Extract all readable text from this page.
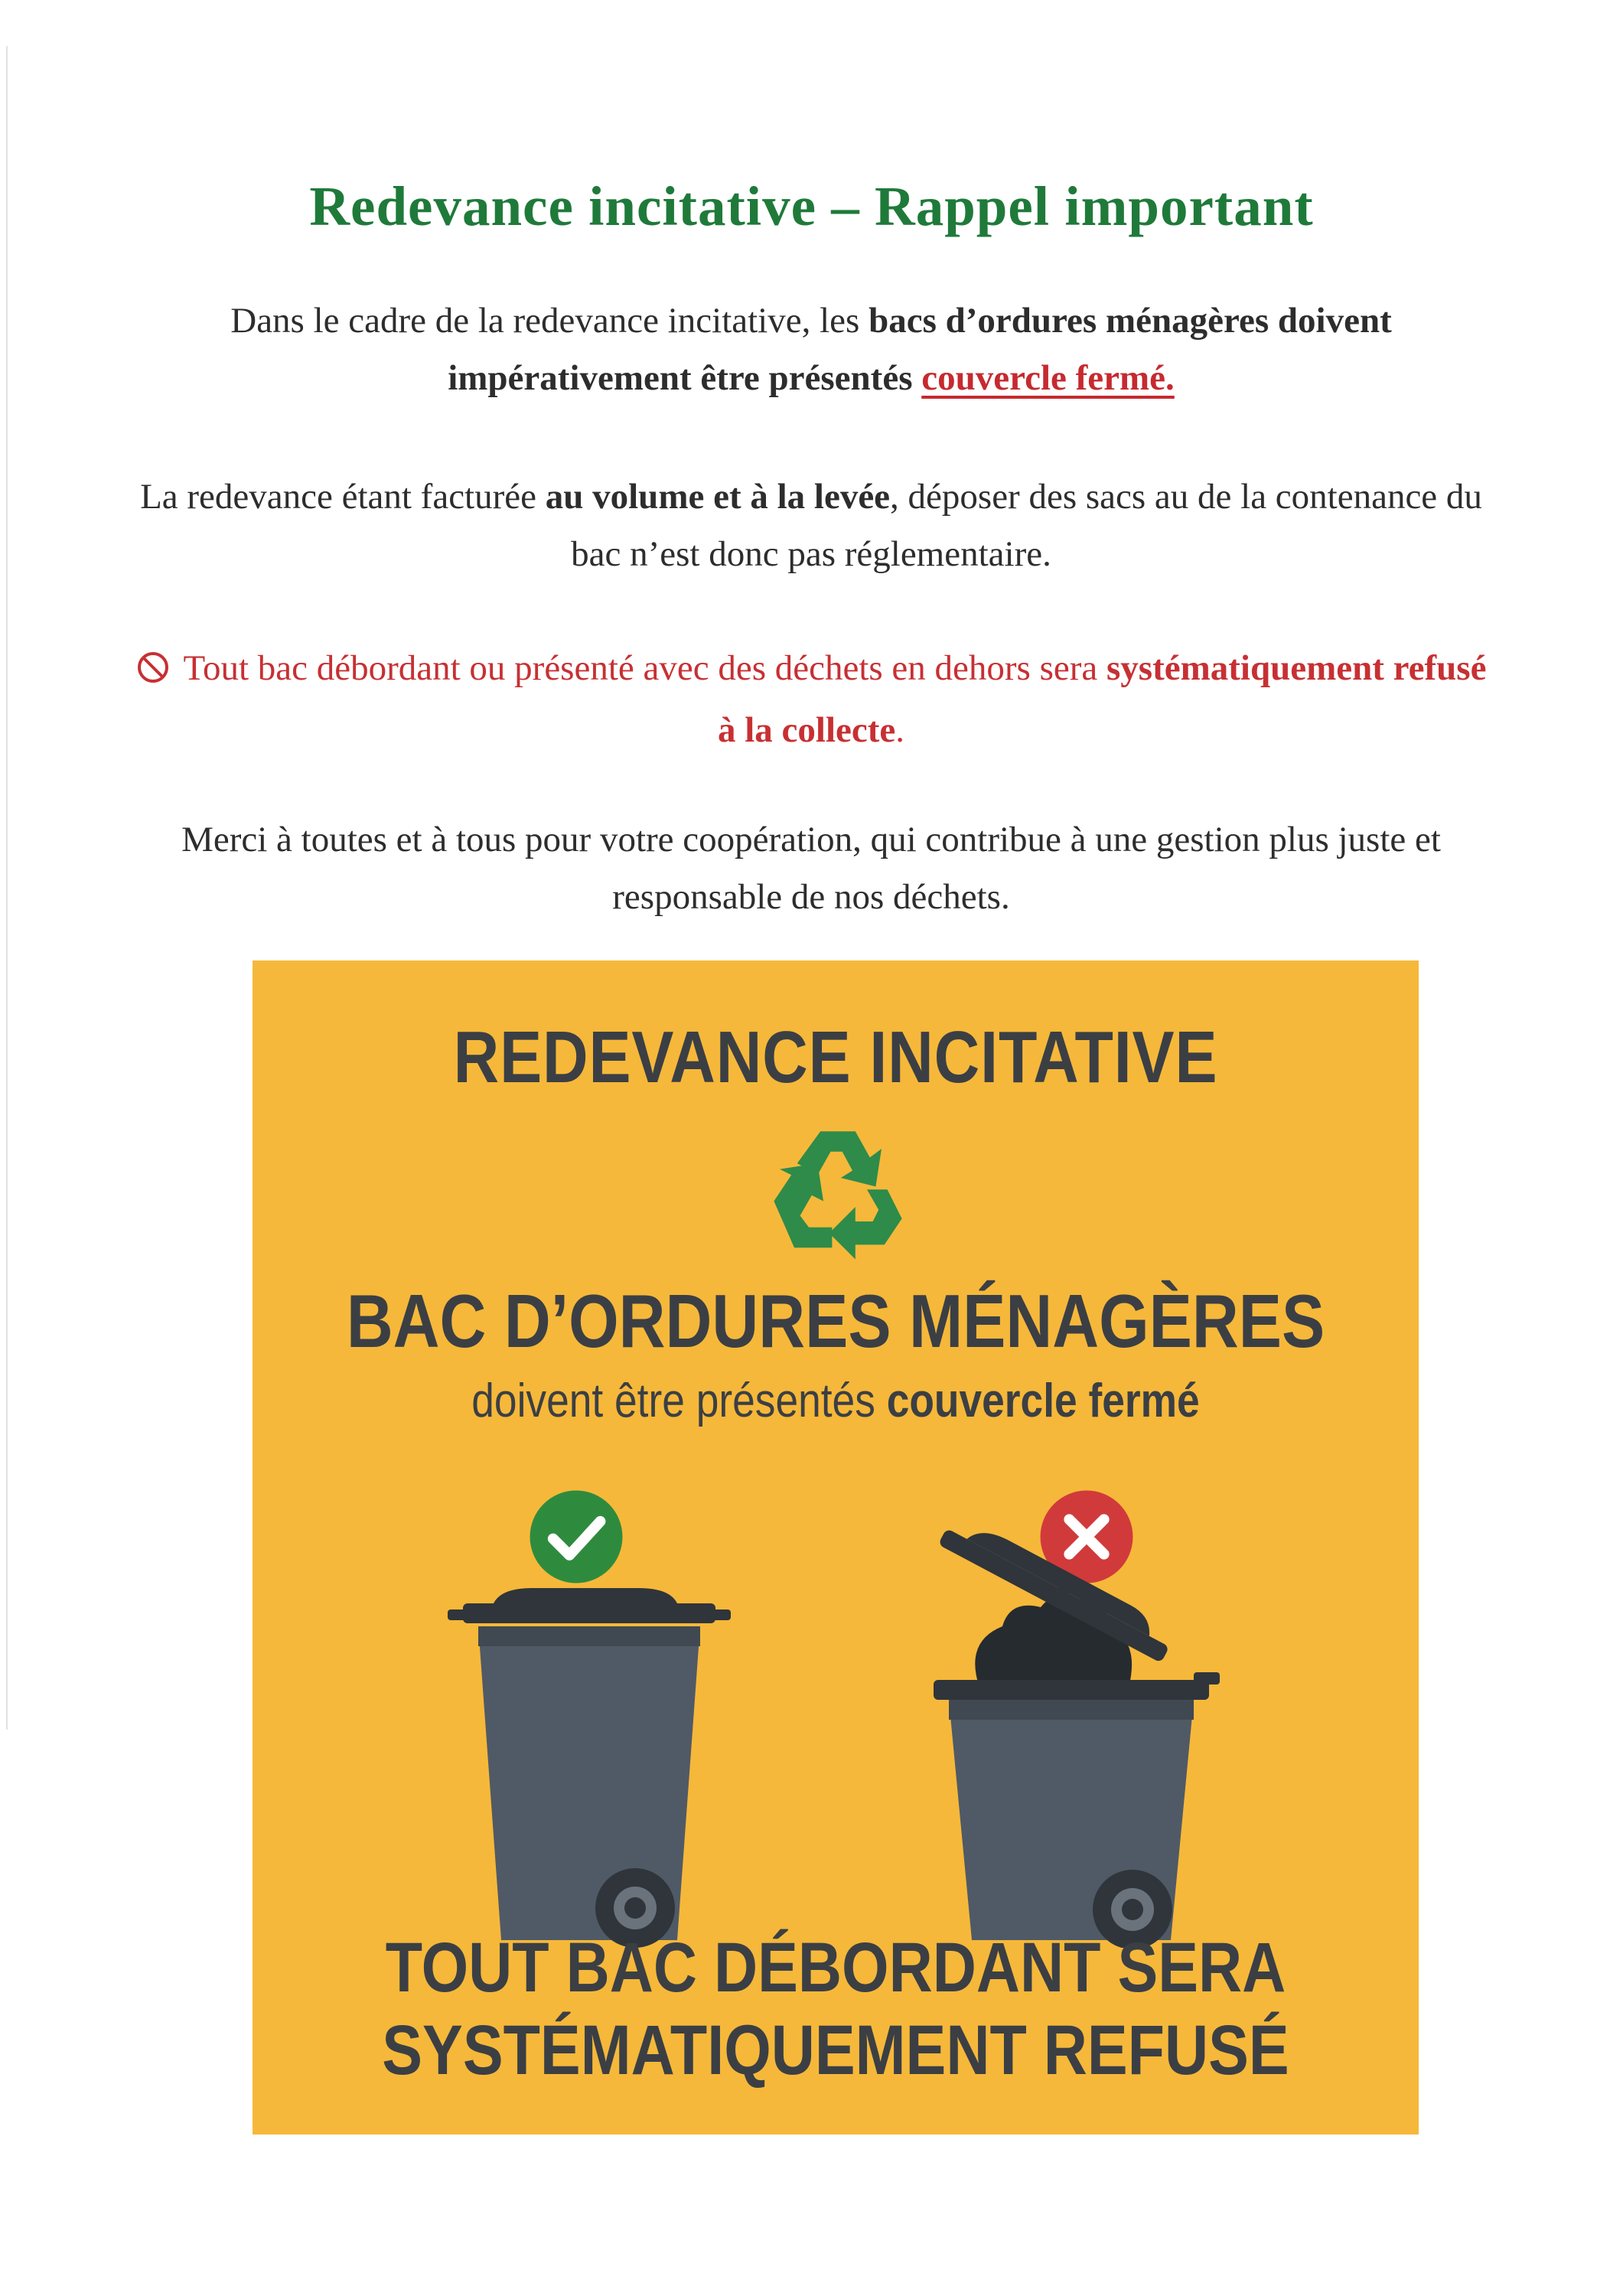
Redevance incitative – Rappel important
Dans le cadre de la redevance incitative, les bacs d’ordures ménagères doivent impérativement être présentés couvercle fermé.
La redevance étant facturée au volume et à la levée, déposer des sacs au de la contenance du bac n’est donc pas réglementaire.
Tout bac débordant ou présenté avec des déchets en dehors sera systématiquement refusé à la collecte.
Merci à toutes et à tous pour votre coopération, qui contribue à une gestion plus juste et responsable de nos déchets.
REDEVANCE INCITATIVE
BAC D’ORDURES MÉNAGÈRES
doivent être présentés couvercle fermé
TOUT BAC DÉBORDANT SERA
SYSTÉMATIQUEMENT REFUSÉ
